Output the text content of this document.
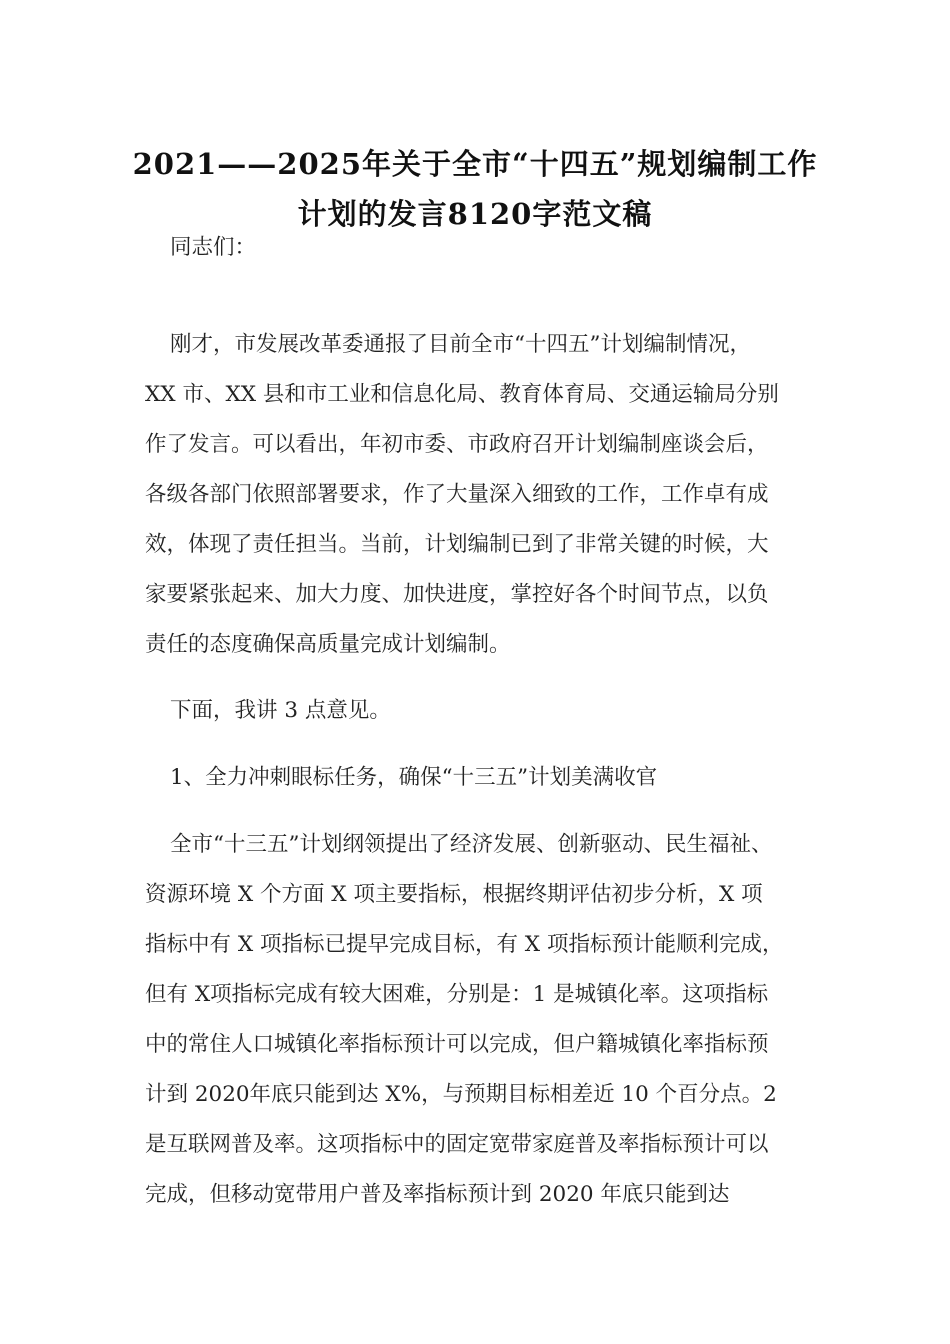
2021——2025年关于全市“十四五”规划编制工作
计划的发言8120字范文稿
同志们：
刚才，市发展改革委通报了目前全市“十四五”计划编制情况，
XX 市、XX 县和市工业和信息化局、教育体育局、交通运输局分别
作了发言。可以看出，年初市委、市政府召开计划编制座谈会后，
各级各部门依照部署要求，作了大量深入细致的工作，工作卓有成
效，体现了责任担当。当前，计划编制已到了非常关键的时候，大
家要紧张起来、加大力度、加快进度，掌控好各个时间节点，以负
责任的态度确保高质量完成计划编制。
下面，我讲 3 点意见。
1、全力冲刺眼标任务，确保“十三五”计划美满收官
全市“十三五”计划纲领提出了经济发展、创新驱动、民生福祉、
资源环境 X 个方面 X 项主要指标，根据终期评估初步分析，X 项
指标中有 X 项指标已提早完成目标，有 X 项指标预计能顺利完成，
但有 X项指标完成有较大困难，分别是：1 是城镇化率。这项指标
中的常住人口城镇化率指标预计可以完成，但户籍城镇化率指标预
计到 2020年底只能到达 X%，与预期目标相差近 10 个百分点。2
是互联网普及率。这项指标中的固定宽带家庭普及率指标预计可以
完成，但移动宽带用户普及率指标预计到 2020 年底只能到达
